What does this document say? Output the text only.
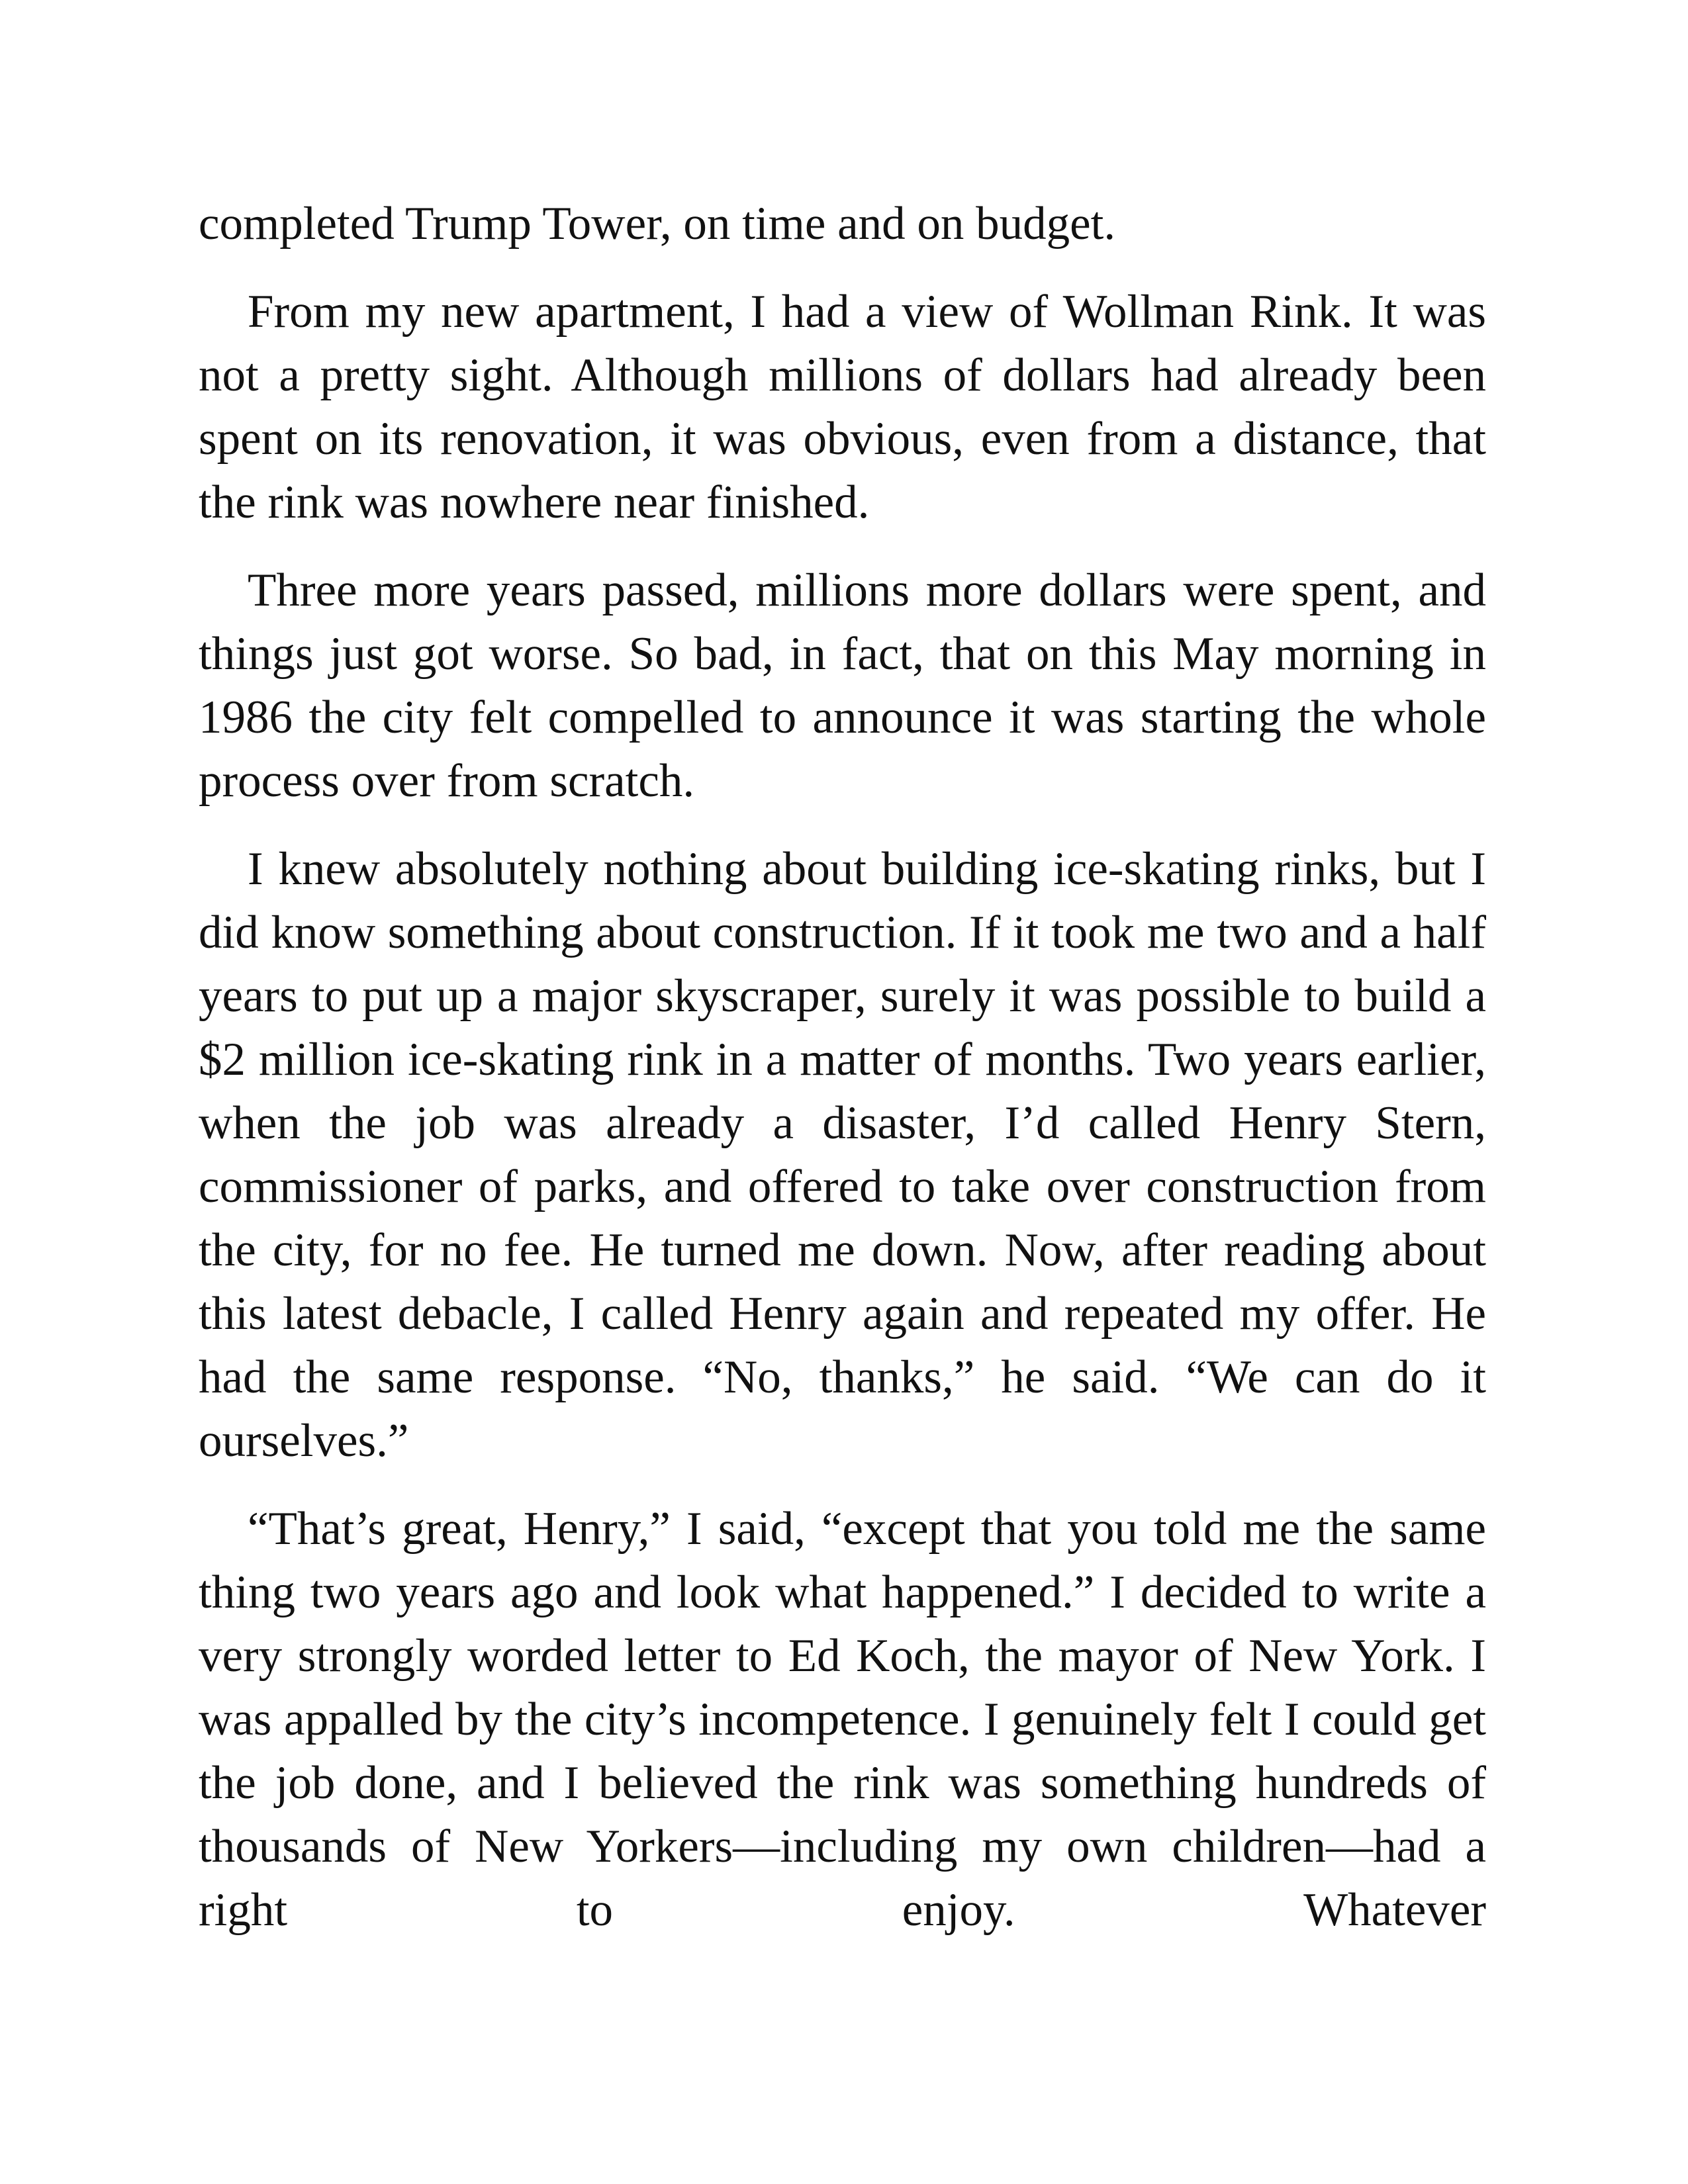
completed Trump Tower, on time and on budget.

From my new apartment, I had a view of Wollman Rink. It was not a pretty sight. Although millions of dollars had already been spent on its renovation, it was obvious, even from a distance, that the rink was nowhere near finished.

Three more years passed, millions more dollars were spent, and things just got worse. So bad, in fact, that on this May morning in 1986 the city felt compelled to announce it was starting the whole process over from scratch.

I knew absolutely nothing about building ice-skating rinks, but I did know something about construction. If it took me two and a half years to put up a major skyscraper, surely it was possible to build a $2 million ice-skating rink in a matter of months. Two years earlier, when the job was already a disaster, I’d called Henry Stern, commissioner of parks, and offered to take over construction from the city, for no fee. He turned me down. Now, after reading about this latest debacle, I called Henry again and repeated my offer. He had the same response. “No, thanks,” he said. “We can do it ourselves.”

“That’s great, Henry,” I said, “except that you told me the same thing two years ago and look what happened.” I decided to write a very strongly worded letter to Ed Koch, the mayor of New York. I was appalled by the city’s incompetence. I genuinely felt I could get the job done, and I believed the rink was something hundreds of thousands of New Yorkers—including my own children—had a right to enjoy. Whatever
